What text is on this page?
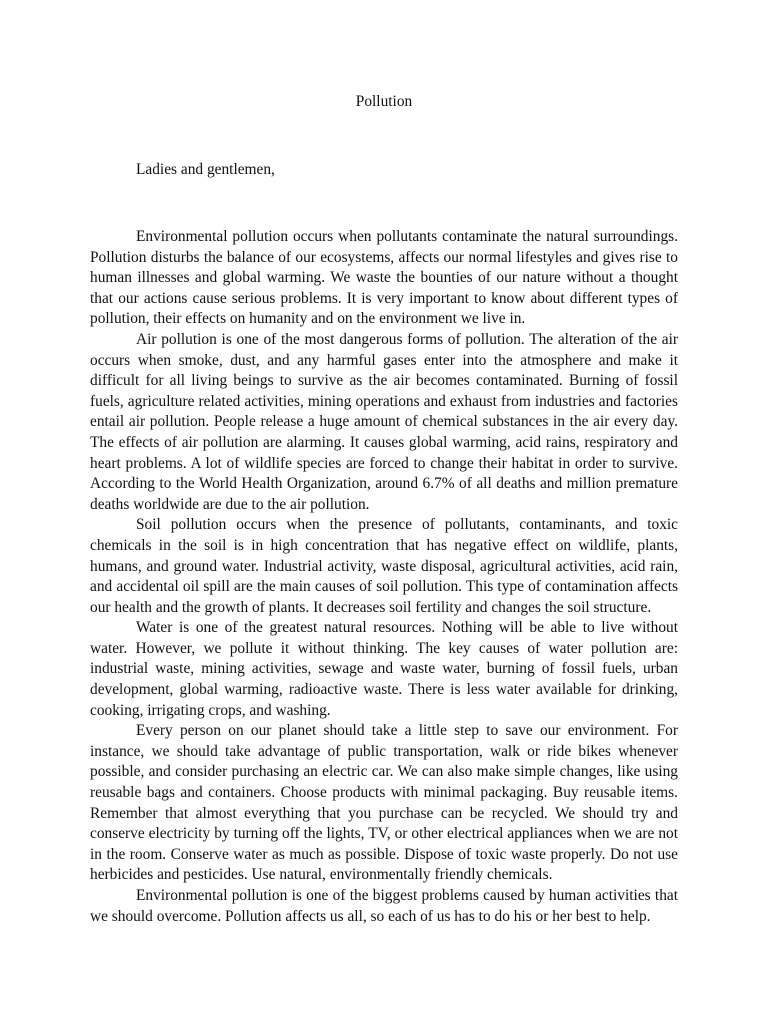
Pollution

Ladies and gentlemen,

Environmental pollution occurs when pollutants contaminate the natural surroundings. Pollution disturbs the balance of our ecosystems, affects our normal lifestyles and gives rise to human illnesses and global warming. We waste the bounties of our nature without a thought that our actions cause serious problems. It is very important to know about different types of pollution, their effects on humanity and on the environment we live in.

Air pollution is one of the most dangerous forms of pollution. The alteration of the air occurs when smoke, dust, and any harmful gases enter into the atmosphere and make it difficult for all living beings to survive as the air becomes contaminated. Burning of fossil fuels, agriculture related activities, mining operations and exhaust from industries and factories entail air pollution. People release a huge amount of chemical substances in the air every day. The effects of air pollution are alarming. It causes global warming, acid rains, respiratory and heart problems. A lot of wildlife species are forced to change their habitat in order to survive. According to the World Health Organization, around 6.7% of all deaths and million premature deaths worldwide are due to the air pollution.

Soil pollution occurs when the presence of pollutants, contaminants, and toxic chemicals in the soil is in high concentration that has negative effect on wildlife, plants, humans, and ground water. Industrial activity, waste disposal, agricultural activities, acid rain, and accidental oil spill are the main causes of soil pollution. This type of contamination affects our health and the growth of plants. It decreases soil fertility and changes the soil structure.

Water is one of the greatest natural resources. Nothing will be able to live without water. However, we pollute it without thinking. The key causes of water pollution are: industrial waste, mining activities, sewage and waste water, burning of fossil fuels, urban development, global warming, radioactive waste. There is less water available for drinking, cooking, irrigating crops, and washing.

Every person on our planet should take a little step to save our environment. For instance, we should take advantage of public transportation, walk or ride bikes whenever possible, and consider purchasing an electric car. We can also make simple changes, like using reusable bags and containers. Choose products with minimal packaging. Buy reusable items. Remember that almost everything that you purchase can be recycled. We should try and conserve electricity by turning off the lights, TV, or other electrical appliances when we are not in the room. Conserve water as much as possible. Dispose of toxic waste properly. Do not use herbicides and pesticides. Use natural, environmentally friendly chemicals.

Environmental pollution is one of the biggest problems caused by human activities that we should overcome. Pollution affects us all, so each of us has to do his or her best to help.
